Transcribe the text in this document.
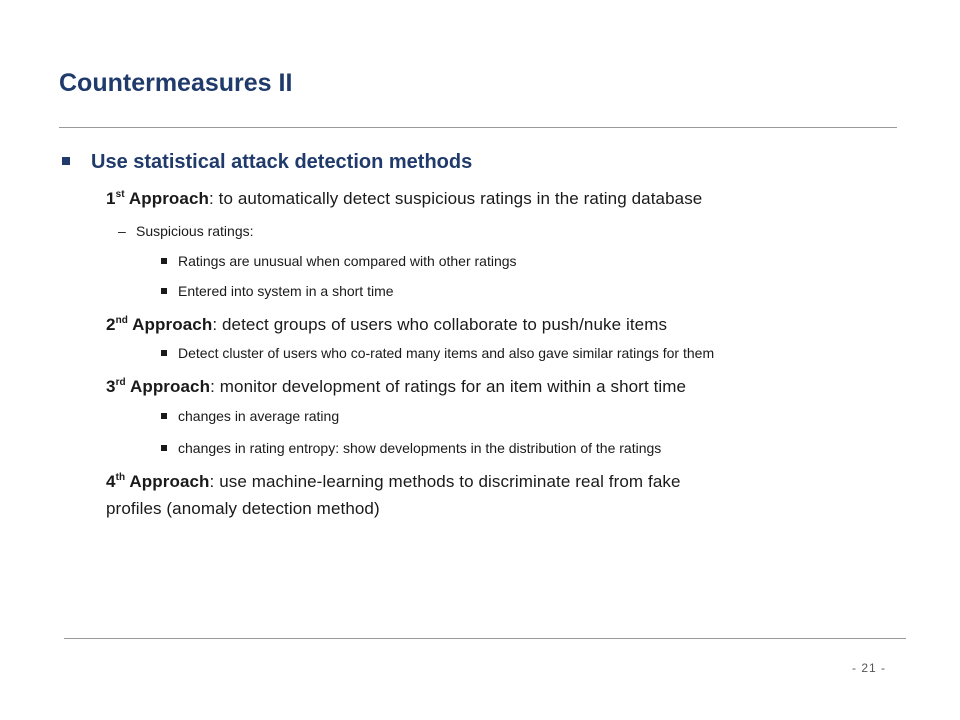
Countermeasures II
Use statistical attack detection methods
1st Approach: to automatically detect suspicious ratings in the rating database
– Suspicious ratings:
Ratings are unusual when compared with other ratings
Entered into system in a short time
2nd Approach: detect groups of users who collaborate to push/nuke items
Detect cluster of users who co-rated many items and also gave similar ratings for them
3rd Approach: monitor development of ratings for an item within a short time
changes in average rating
changes in rating entropy: show developments in the distribution of the ratings
4th Approach: use machine-learning methods to discriminate real from fake
profiles (anomaly detection method)
- 21 -
